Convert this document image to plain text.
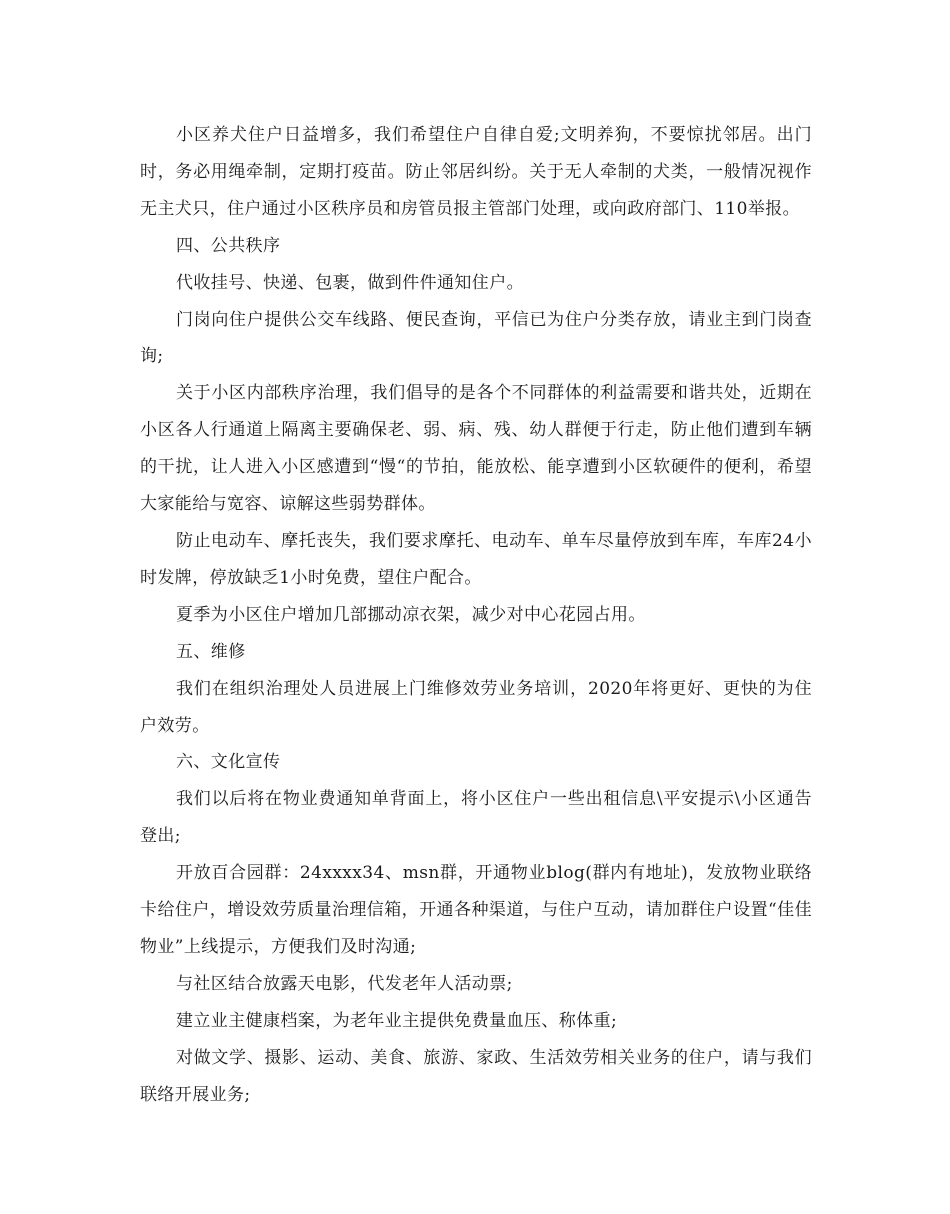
小区养犬住户日益增多，我们希望住户自律自爱;文明养狗，不要惊扰邻居。出门时，务必用绳牵制，定期打疫苗。防止邻居纠纷。关于无人牵制的犬类，一般情况视作无主犬只，住户通过小区秩序员和房管员报主管部门处理，或向政府部门、110举报。

四、公共秩序

代收挂号、快递、包裹，做到件件通知住户。

门岗向住户提供公交车线路、便民查询，平信已为住户分类存放，请业主到门岗查询;

关于小区内部秩序治理，我们倡导的是各个不同群体的利益需要和谐共处，近期在小区各人行通道上隔离主要确保老、弱、病、残、幼人群便于行走，防止他们遭到车辆的干扰，让人进入小区感遭到“慢“的节拍，能放松、能享遭到小区软硬件的便利，希望大家能给与宽容、谅解这些弱势群体。

防止电动车、摩托丧失，我们要求摩托、电动车、单车尽量停放到车库，车库24小时发牌，停放缺乏1小时免费，望住户配合。

夏季为小区住户增加几部挪动凉衣架，减少对中心花园占用。

五、维修

我们在组织治理处人员进展上门维修效劳业务培训，2020年将更好、更快的为住户效劳。

六、文化宣传

我们以后将在物业费通知单背面上，将小区住户一些出租信息\平安提示\小区通告登出;

开放百合园群：24xxxx34、msn群，开通物业blog(群内有地址)，发放物业联络卡给住户，增设效劳质量治理信箱，开通各种渠道，与住户互动，请加群住户设置“佳佳物业”上线提示，方便我们及时沟通;

与社区结合放露天电影，代发老年人活动票;

建立业主健康档案，为老年业主提供免费量血压、称体重;

对做文学、摄影、运动、美食、旅游、家政、生活效劳相关业务的住户，请与我们联络开展业务;
